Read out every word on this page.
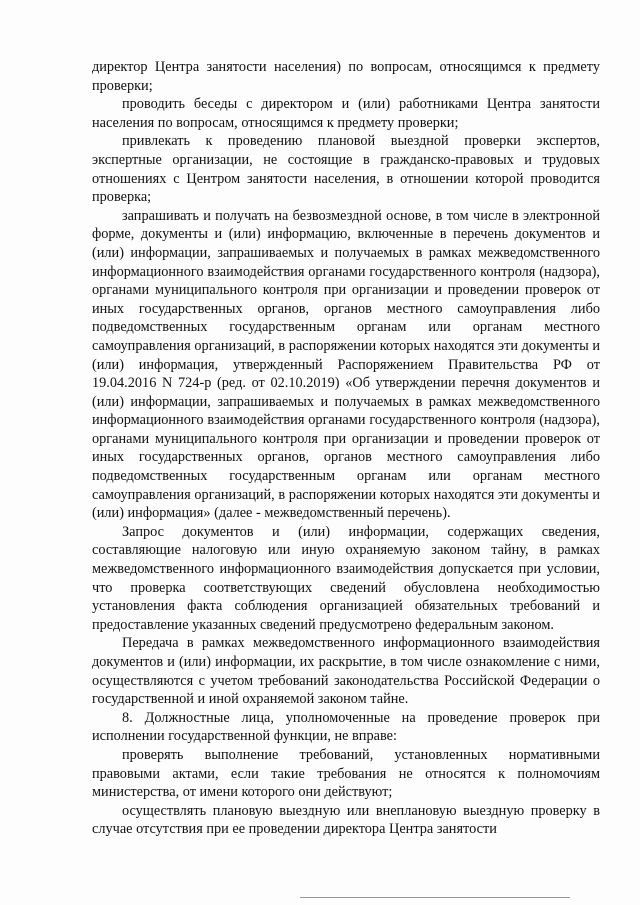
директор Центра занятости населения) по вопросам, относящимся к предмету проверки;

проводить беседы с директором и (или) работниками Центра занятости населения по вопросам, относящимся к предмету проверки;

привлекать к проведению плановой выездной проверки экспертов, экспертные организации, не состоящие в гражданско-правовых и трудовых отношениях с Центром занятости населения, в отношении которой проводится проверка;

запрашивать и получать на безвозмездной основе, в том числе в электронной форме, документы и (или) информацию, включенные в перечень документов и (или) информации, запрашиваемых и получаемых в рамках межведомственного информационного взаимодействия органами государственного контроля (надзора), органами муниципального контроля при организации и проведении проверок от иных государственных органов, органов местного самоуправления либо подведомственных государственным органам или органам местного самоуправления организаций, в распоряжении которых находятся эти документы и (или) информация, утвержденный Распоряжением Правительства РФ от 19.04.2016 N 724-р (ред. от 02.10.2019) «Об утверждении перечня документов и (или) информации, запрашиваемых и получаемых в рамках межведомственного информационного взаимодействия органами государственного контроля (надзора), органами муниципального контроля при организации и проведении проверок от иных государственных органов, органов местного самоуправления либо подведомственных государственным органам или органам местного самоуправления организаций, в распоряжении которых находятся эти документы и (или) информация» (далее - межведомственный перечень).

Запрос документов и (или) информации, содержащих сведения, составляющие налоговую или иную охраняемую законом тайну, в рамках межведомственного информационного взаимодействия допускается при условии, что проверка соответствующих сведений обусловлена необходимостью установления факта соблюдения организацией обязательных требований и предоставление указанных сведений предусмотрено федеральным законом.

Передача в рамках межведомственного информационного взаимодействия документов и (или) информации, их раскрытие, в том числе ознакомление с ними, осуществляются с учетом требований законодательства Российской Федерации о государственной и иной охраняемой законом тайне.

8. Должностные лица, уполномоченные на проведение проверок при исполнении государственной функции, не вправе:

проверять выполнение требований, установленных нормативными правовыми актами, если такие требования не относятся к полномочиям министерства, от имени которого они действуют;

осуществлять плановую выездную или внеплановую выездную проверку в случае отсутствия при ее проведении директора Центра занятости
